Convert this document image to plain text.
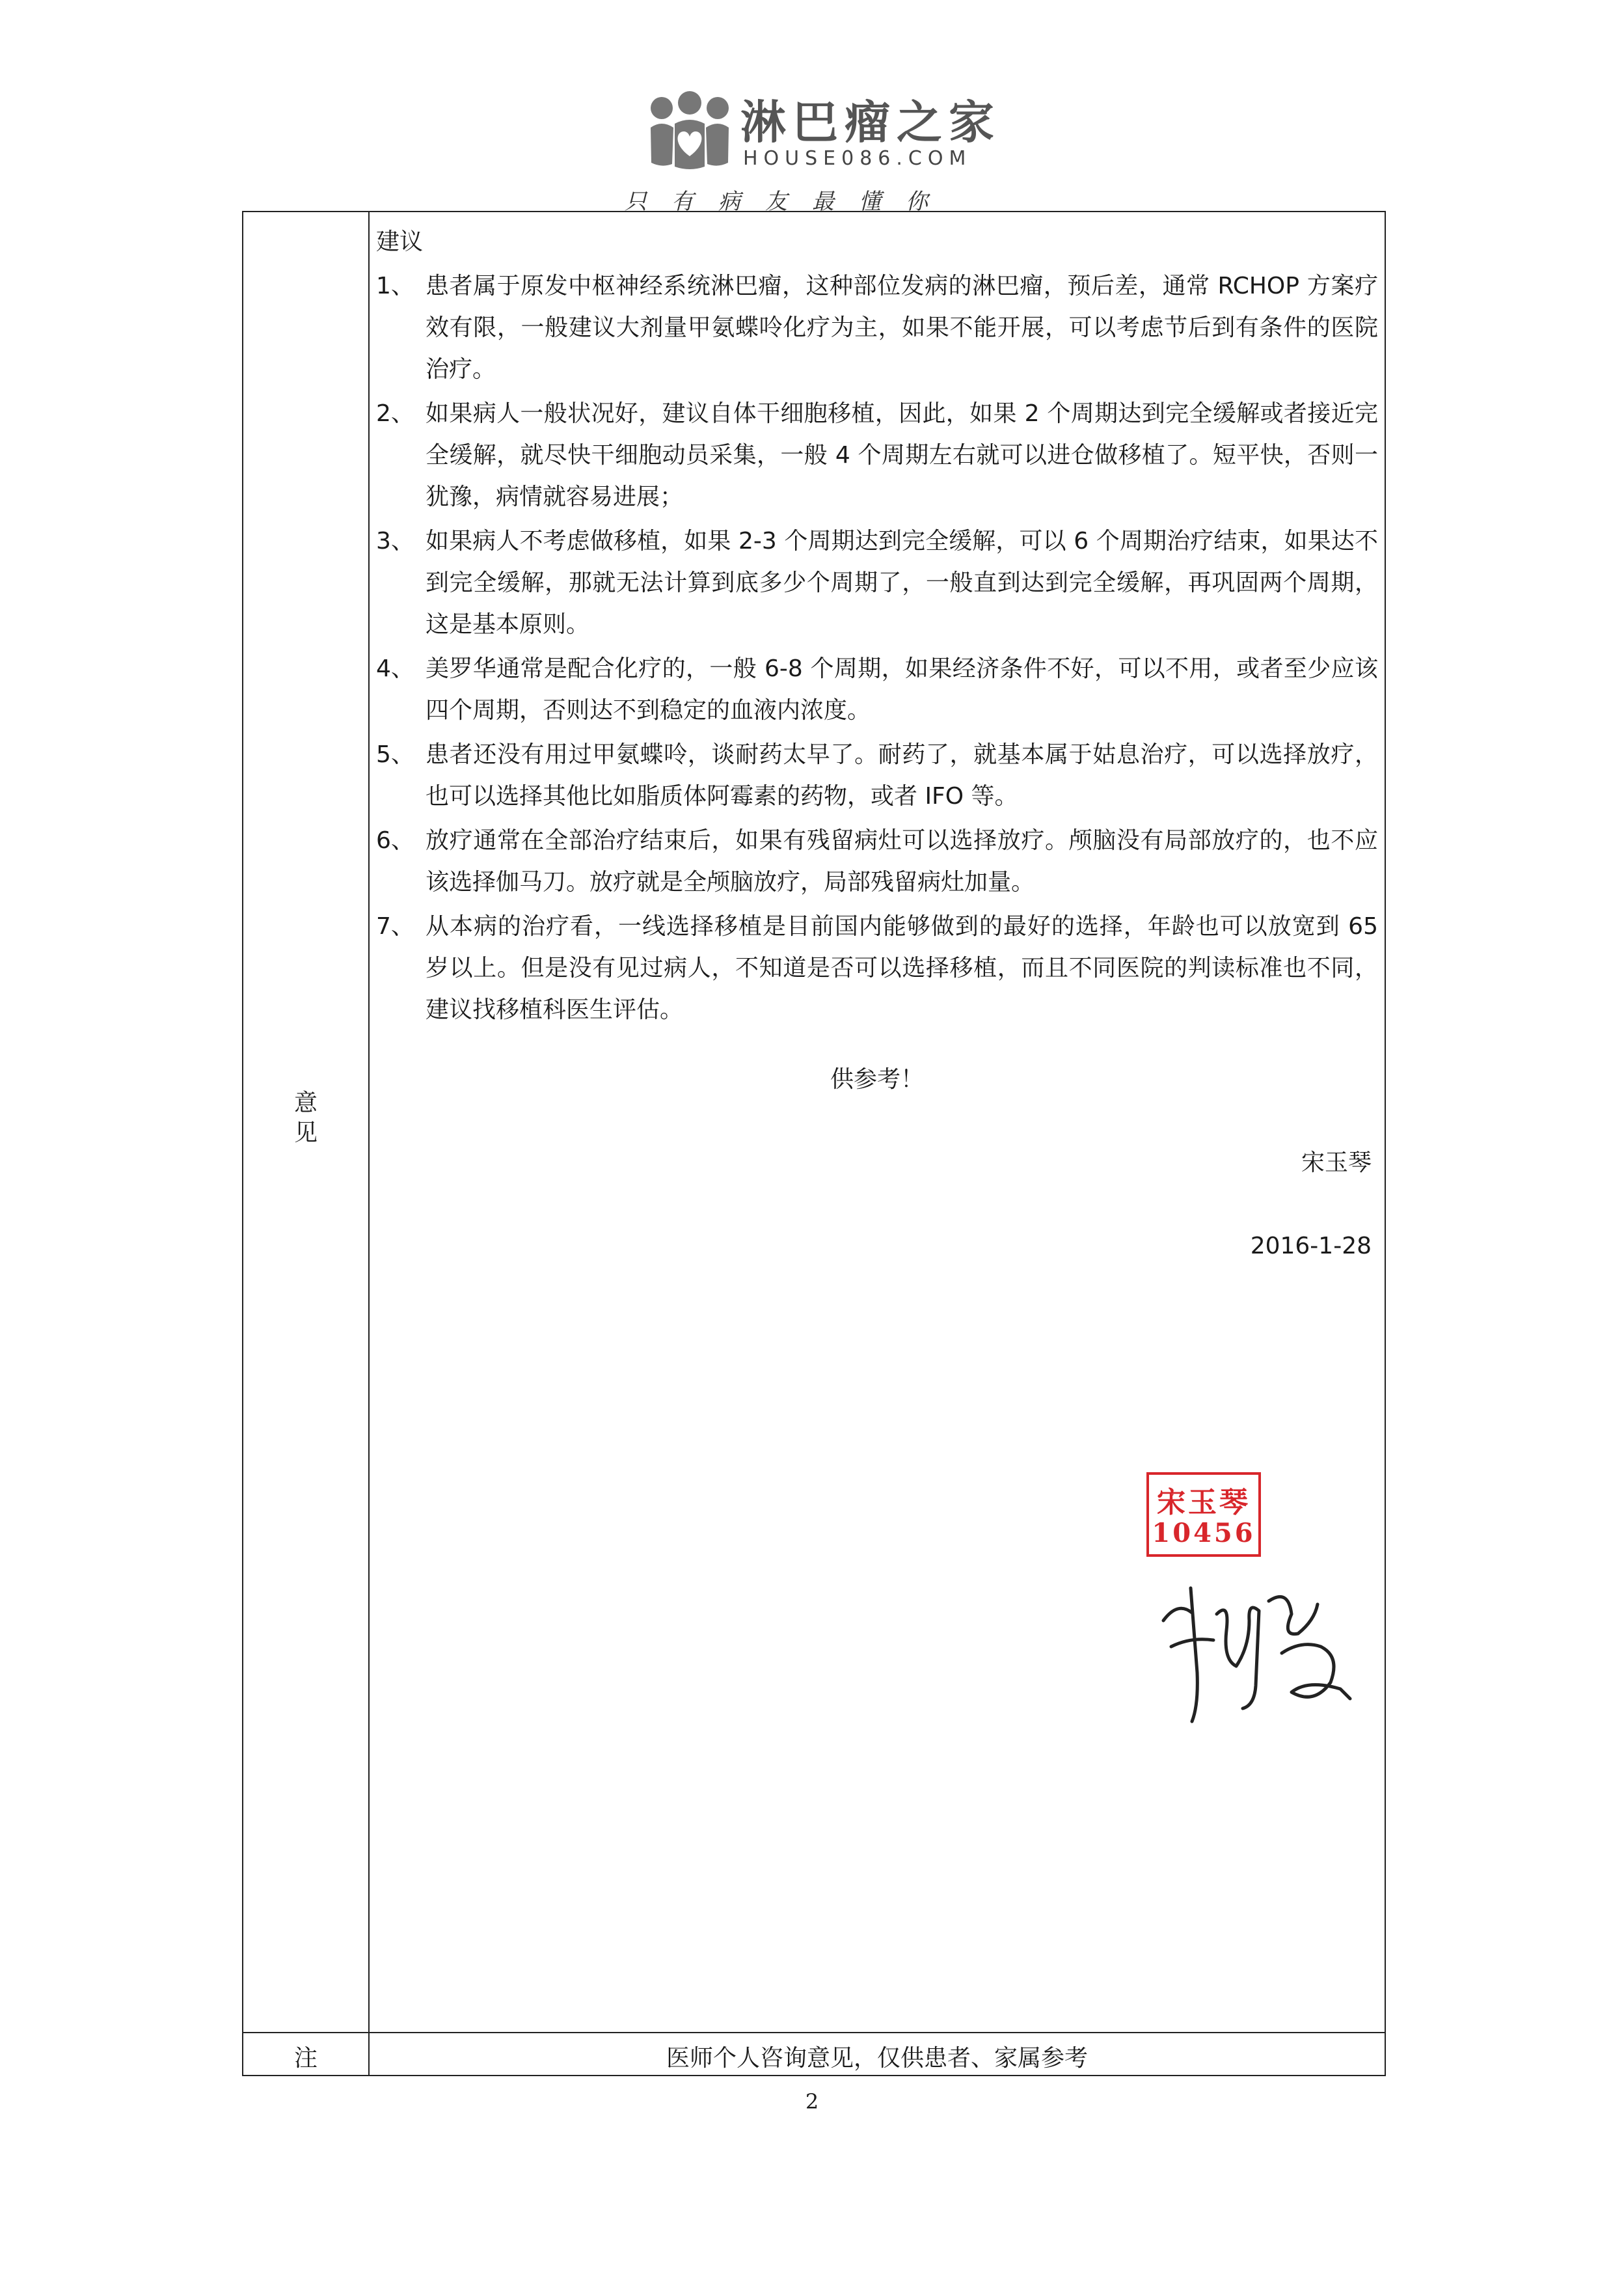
淋巴瘤之家
HOUSE086.COM
只有病友最懂你
意见
注	医师个人咨询意见，仅供患者、家属参考
建议
1、 患者属于原发中枢神经系统淋巴瘤，这种部位发病的淋巴瘤，预后差，通常 RCHOP 方案疗效有限，一般建议大剂量甲氨蝶呤化疗为主，如果不能开展，可以考虑节后到有条件的医院治疗。
2、 如果病人一般状况好，建议自体干细胞移植，因此，如果 2 个周期达到完全缓解或者接近完全缓解，就尽快干细胞动员采集，一般 4 个周期左右就可以进仓做移植了。短平快，否则一犹豫，病情就容易进展；
3、 如果病人不考虑做移植，如果 2-3 个周期达到完全缓解，可以 6 个周期治疗结束，如果达不到完全缓解，那就无法计算到底多少个周期了，一般直到达到完全缓解，再巩固两个周期，这是基本原则。
4、 美罗华通常是配合化疗的，一般 6-8 个周期，如果经济条件不好，可以不用，或者至少应该四个周期，否则达不到稳定的血液内浓度。
5、 患者还没有用过甲氨蝶呤，谈耐药太早了。耐药了，就基本属于姑息治疗，可以选择放疗，也可以选择其他比如脂质体阿霉素的药物，或者 IFO 等。
6、 放疗通常在全部治疗结束后，如果有残留病灶可以选择放疗。颅脑没有局部放疗的，也不应该选择伽马刀。放疗就是全颅脑放疗，局部残留病灶加量。
7、 从本病的治疗看，一线选择移植是目前国内能够做到的最好的选择，年龄也可以放宽到 65 岁以上。但是没有见过病人，不知道是否可以选择移植，而且不同医院的判读标准也不同，建议找移植科医生评估。
供参考！
宋玉琴
2016-1-28
宋玉琴
10456
2
